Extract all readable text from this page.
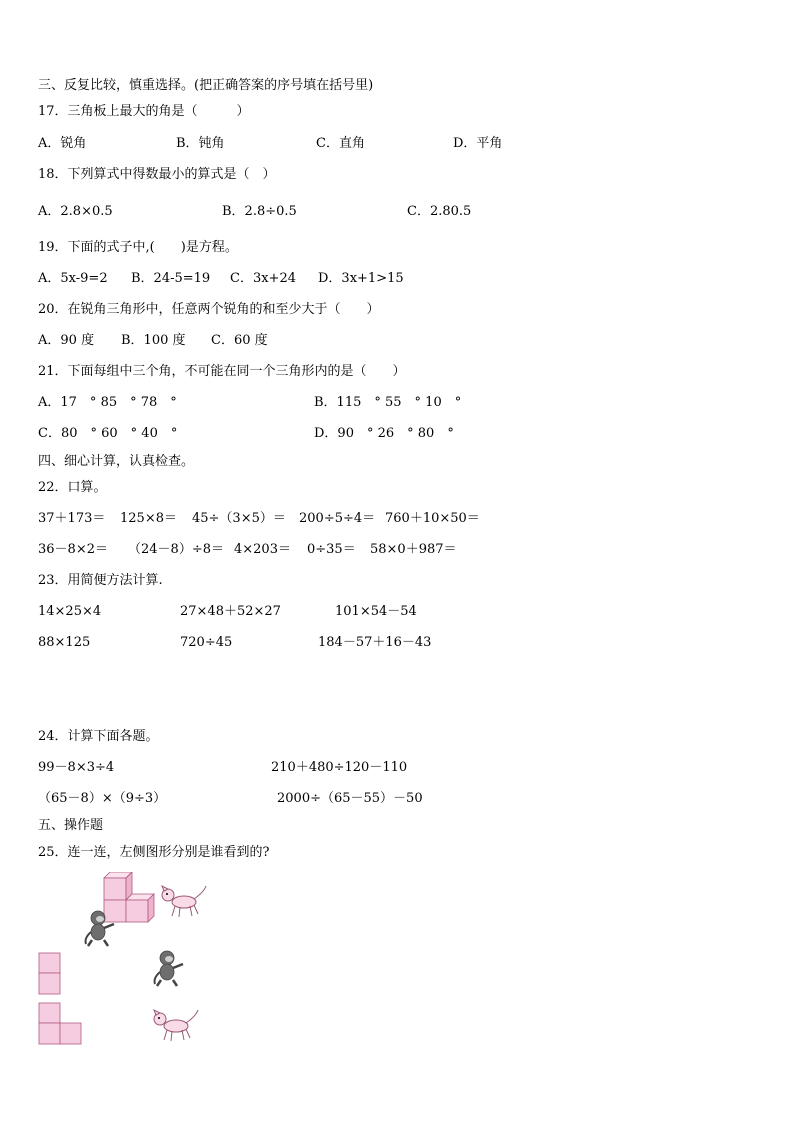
三、反复比较，慎重选择。(把正确答案的序号填在括号里)
17．三角板上最大的角是（　　　）
A．锐角	B．钝角	C．直角	D．平角
18．下列算式中得数最小的算式是（　）
A．2.8×0.5	B．2.8÷0.5	C．2.80.5
19．下面的式子中,(　　)是方程。
A．5x-9=2 B．24-5=19 C．3x+24 D．3x+1>15
20．在锐角三角形中，任意两个锐角的和至少大于（　　）
A．90 度 B．100 度 C．60 度
21．下面每组中三个角，不可能在同一个三角形内的是（　　）
A．17　° 85　° 78　°	B．115　° 55　° 10　°
C．80　° 60　° 40　°	D．90　° 26　° 80　°
四、细心计算，认真检查。
22．口算。
37＋173＝ 125×8＝ 45÷（3×5）＝ 200÷5÷4＝ 760＋10×50＝
36－8×2＝ （24－8）÷8＝ 4×203＝ 0÷35＝ 58×0＋987＝
23．用简便方法计算.
14×25×4	27×48＋52×27	101×54－54
88×125	720÷45	184－57＋16－43
24．计算下面各题。
99－8×3÷4	210＋480÷120－110
（65－8）×（9÷3）	2000÷（65－55）－50
五、操作题
25．连一连，左侧图形分别是谁看到的?
